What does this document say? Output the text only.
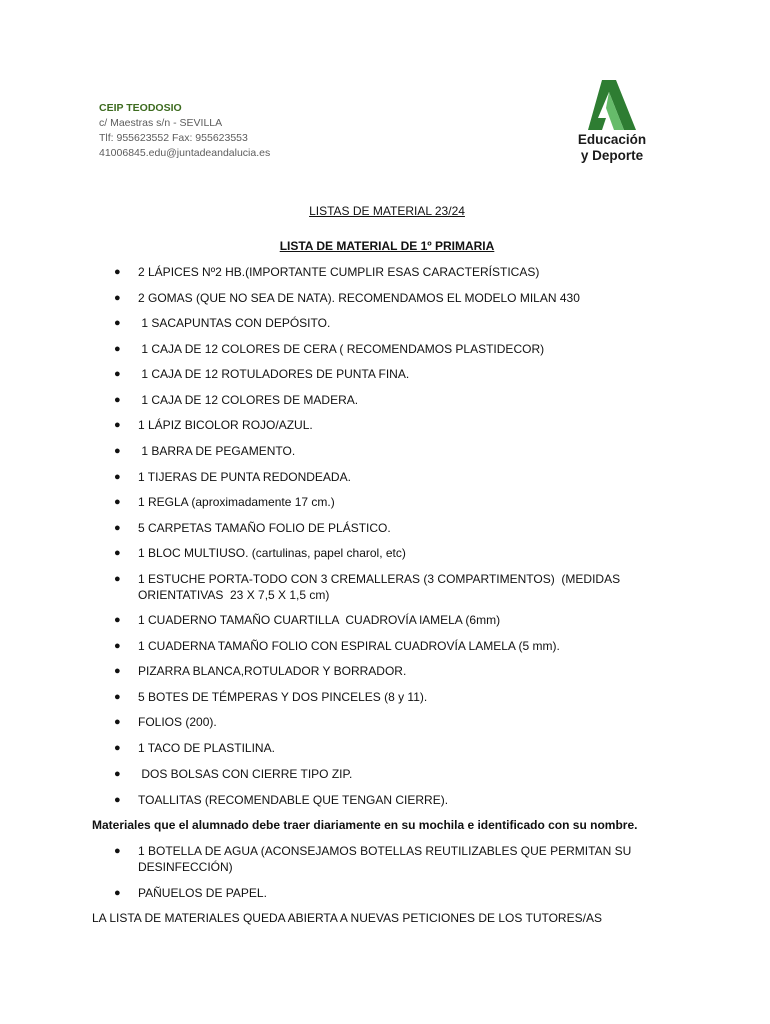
CEIP TEODOSIO
c/ Maestras s/n - SEVILLA
Tlf: 955623552 Fax: 955623553
41006845.edu@juntadeandalucia.es
Educación
y Deporte
LISTAS DE MATERIAL 23/24
LISTA DE MATERIAL DE 1º PRIMARIA
● 2 LÁPICES Nº2 HB.(IMPORTANTE CUMPLIR ESAS CARACTERÍSTICAS)
● 2 GOMAS (QUE NO SEA DE NATA). RECOMENDAMOS EL MODELO MILAN 430
● 1 SACAPUNTAS CON DEPÓSITO.
● 1 CAJA DE 12 COLORES DE CERA ( RECOMENDAMOS PLASTIDECOR)
● 1 CAJA DE 12 ROTULADORES DE PUNTA FINA.
● 1 CAJA DE 12 COLORES DE MADERA.
● 1 LÁPIZ BICOLOR ROJO/AZUL.
● 1 BARRA DE PEGAMENTO.
● 1 TIJERAS DE PUNTA REDONDEADA.
● 1 REGLA (aproximadamente 17 cm.)
● 5 CARPETAS TAMAÑO FOLIO DE PLÁSTICO.
● 1 BLOC MULTIUSO. (cartulinas, papel charol, etc)
● 1 ESTUCHE PORTA-TODO CON 3 CREMALLERAS (3 COMPARTIMENTOS)  (MEDIDAS ORIENTATIVAS  23 X 7,5 X 1,5 cm)
● 1 CUADERNO TAMAÑO CUARTILLA  CUADROVÍA lAMELA (6mm)
● 1 CUADERNA TAMAÑO FOLIO CON ESPIRAL CUADROVÍA LAMELA (5 mm).
● PIZARRA BLANCA,ROTULADOR Y BORRADOR.
● 5 BOTES DE TÉMPERAS Y DOS PINCELES (8 y 11).
● FOLIOS (200).
● 1 TACO DE PLASTILINA.
● DOS BOLSAS CON CIERRE TIPO ZIP.
● TOALLITAS (RECOMENDABLE QUE TENGAN CIERRE).
Materiales que el alumnado debe traer diariamente en su mochila e identificado con su nombre.
● 1 BOTELLA DE AGUA (ACONSEJAMOS BOTELLAS REUTILIZABLES QUE PERMITAN SU DESINFECCIÓN)
● PAÑUELOS DE PAPEL.
LA LISTA DE MATERIALES QUEDA ABIERTA A NUEVAS PETICIONES DE LOS TUTORES/AS
